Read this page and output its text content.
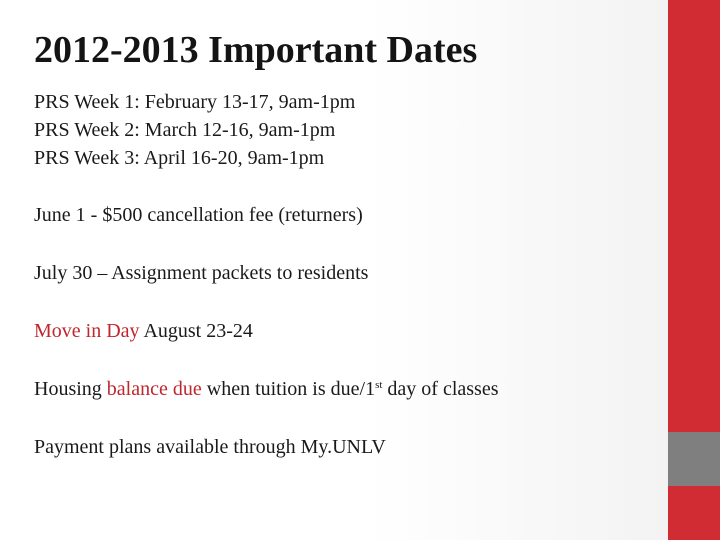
2012-2013 Important Dates
PRS Week 1: February 13-17, 9am-1pm
PRS Week 2: March 12-16, 9am-1pm
PRS Week 3: April 16-20, 9am-1pm
June 1 - $500 cancellation fee (returners)
July 30 – Assignment packets to residents
Move in Day August 23-24
Housing balance due when tuition is due/1st day of classes
Payment plans available through My.UNLV
